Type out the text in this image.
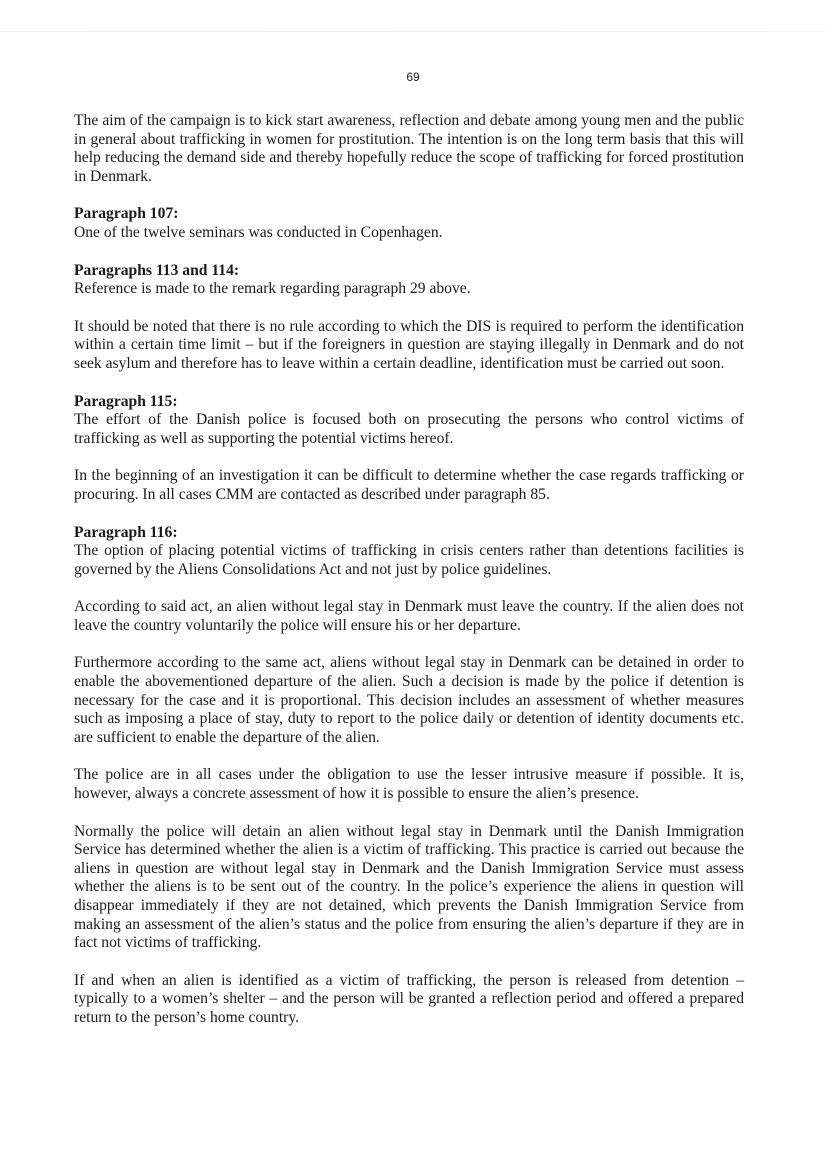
69

The aim of the campaign is to kick start awareness, reflection and debate among young men and the public in general about trafficking in women for prostitution. The intention is on the long term basis that this will help reducing the demand side and thereby hopefully reduce the scope of trafficking for forced prostitution in Denmark.

Paragraph 107:

One of the twelve seminars was conducted in Copenhagen.

Paragraphs 113 and 114:

Reference is made to the remark regarding paragraph 29 above.

It should be noted that there is no rule according to which the DIS is required to perform the identification within a certain time limit – but if the foreigners in question are staying illegally in Denmark and do not seek asylum and therefore has to leave within a certain deadline, identification must be carried out soon.

Paragraph 115:

The effort of the Danish police is focused both on prosecuting the persons who control victims of trafficking as well as supporting the potential victims hereof.

In the beginning of an investigation it can be difficult to determine whether the case regards trafficking or procuring. In all cases CMM are contacted as described under paragraph 85.

Paragraph 116:

The option of placing potential victims of trafficking in crisis centers rather than detentions facilities is governed by the Aliens Consolidations Act and not just by police guidelines.

According to said act, an alien without legal stay in Denmark must leave the country. If the alien does not leave the country voluntarily the police will ensure his or her departure.

Furthermore according to the same act, aliens without legal stay in Denmark can be detained in order to enable the abovementioned departure of the alien. Such a decision is made by the police if detention is necessary for the case and it is proportional. This decision includes an assessment of whether measures such as imposing a place of stay, duty to report to the police daily or detention of identity documents etc. are sufficient to enable the departure of the alien.

The police are in all cases under the obligation to use the lesser intrusive measure if possible. It is, however, always a concrete assessment of how it is possible to ensure the alien’s presence.

Normally the police will detain an alien without legal stay in Denmark until the Danish Immigration Service has determined whether the alien is a victim of trafficking. This practice is carried out because the aliens in question are without legal stay in Denmark and the Danish Immigration Service must assess whether the aliens is to be sent out of the country. In the police’s experience the aliens in question will disappear immediately if they are not detained, which prevents the Danish Immigration Service from making an assessment of the alien’s status and the police from ensuring the alien’s departure if they are in fact not victims of trafficking.

If and when an alien is identified as a victim of trafficking, the person is released from detention – typically to a women’s shelter – and the person will be granted a reflection period and offered a prepared return to the person’s home country.
